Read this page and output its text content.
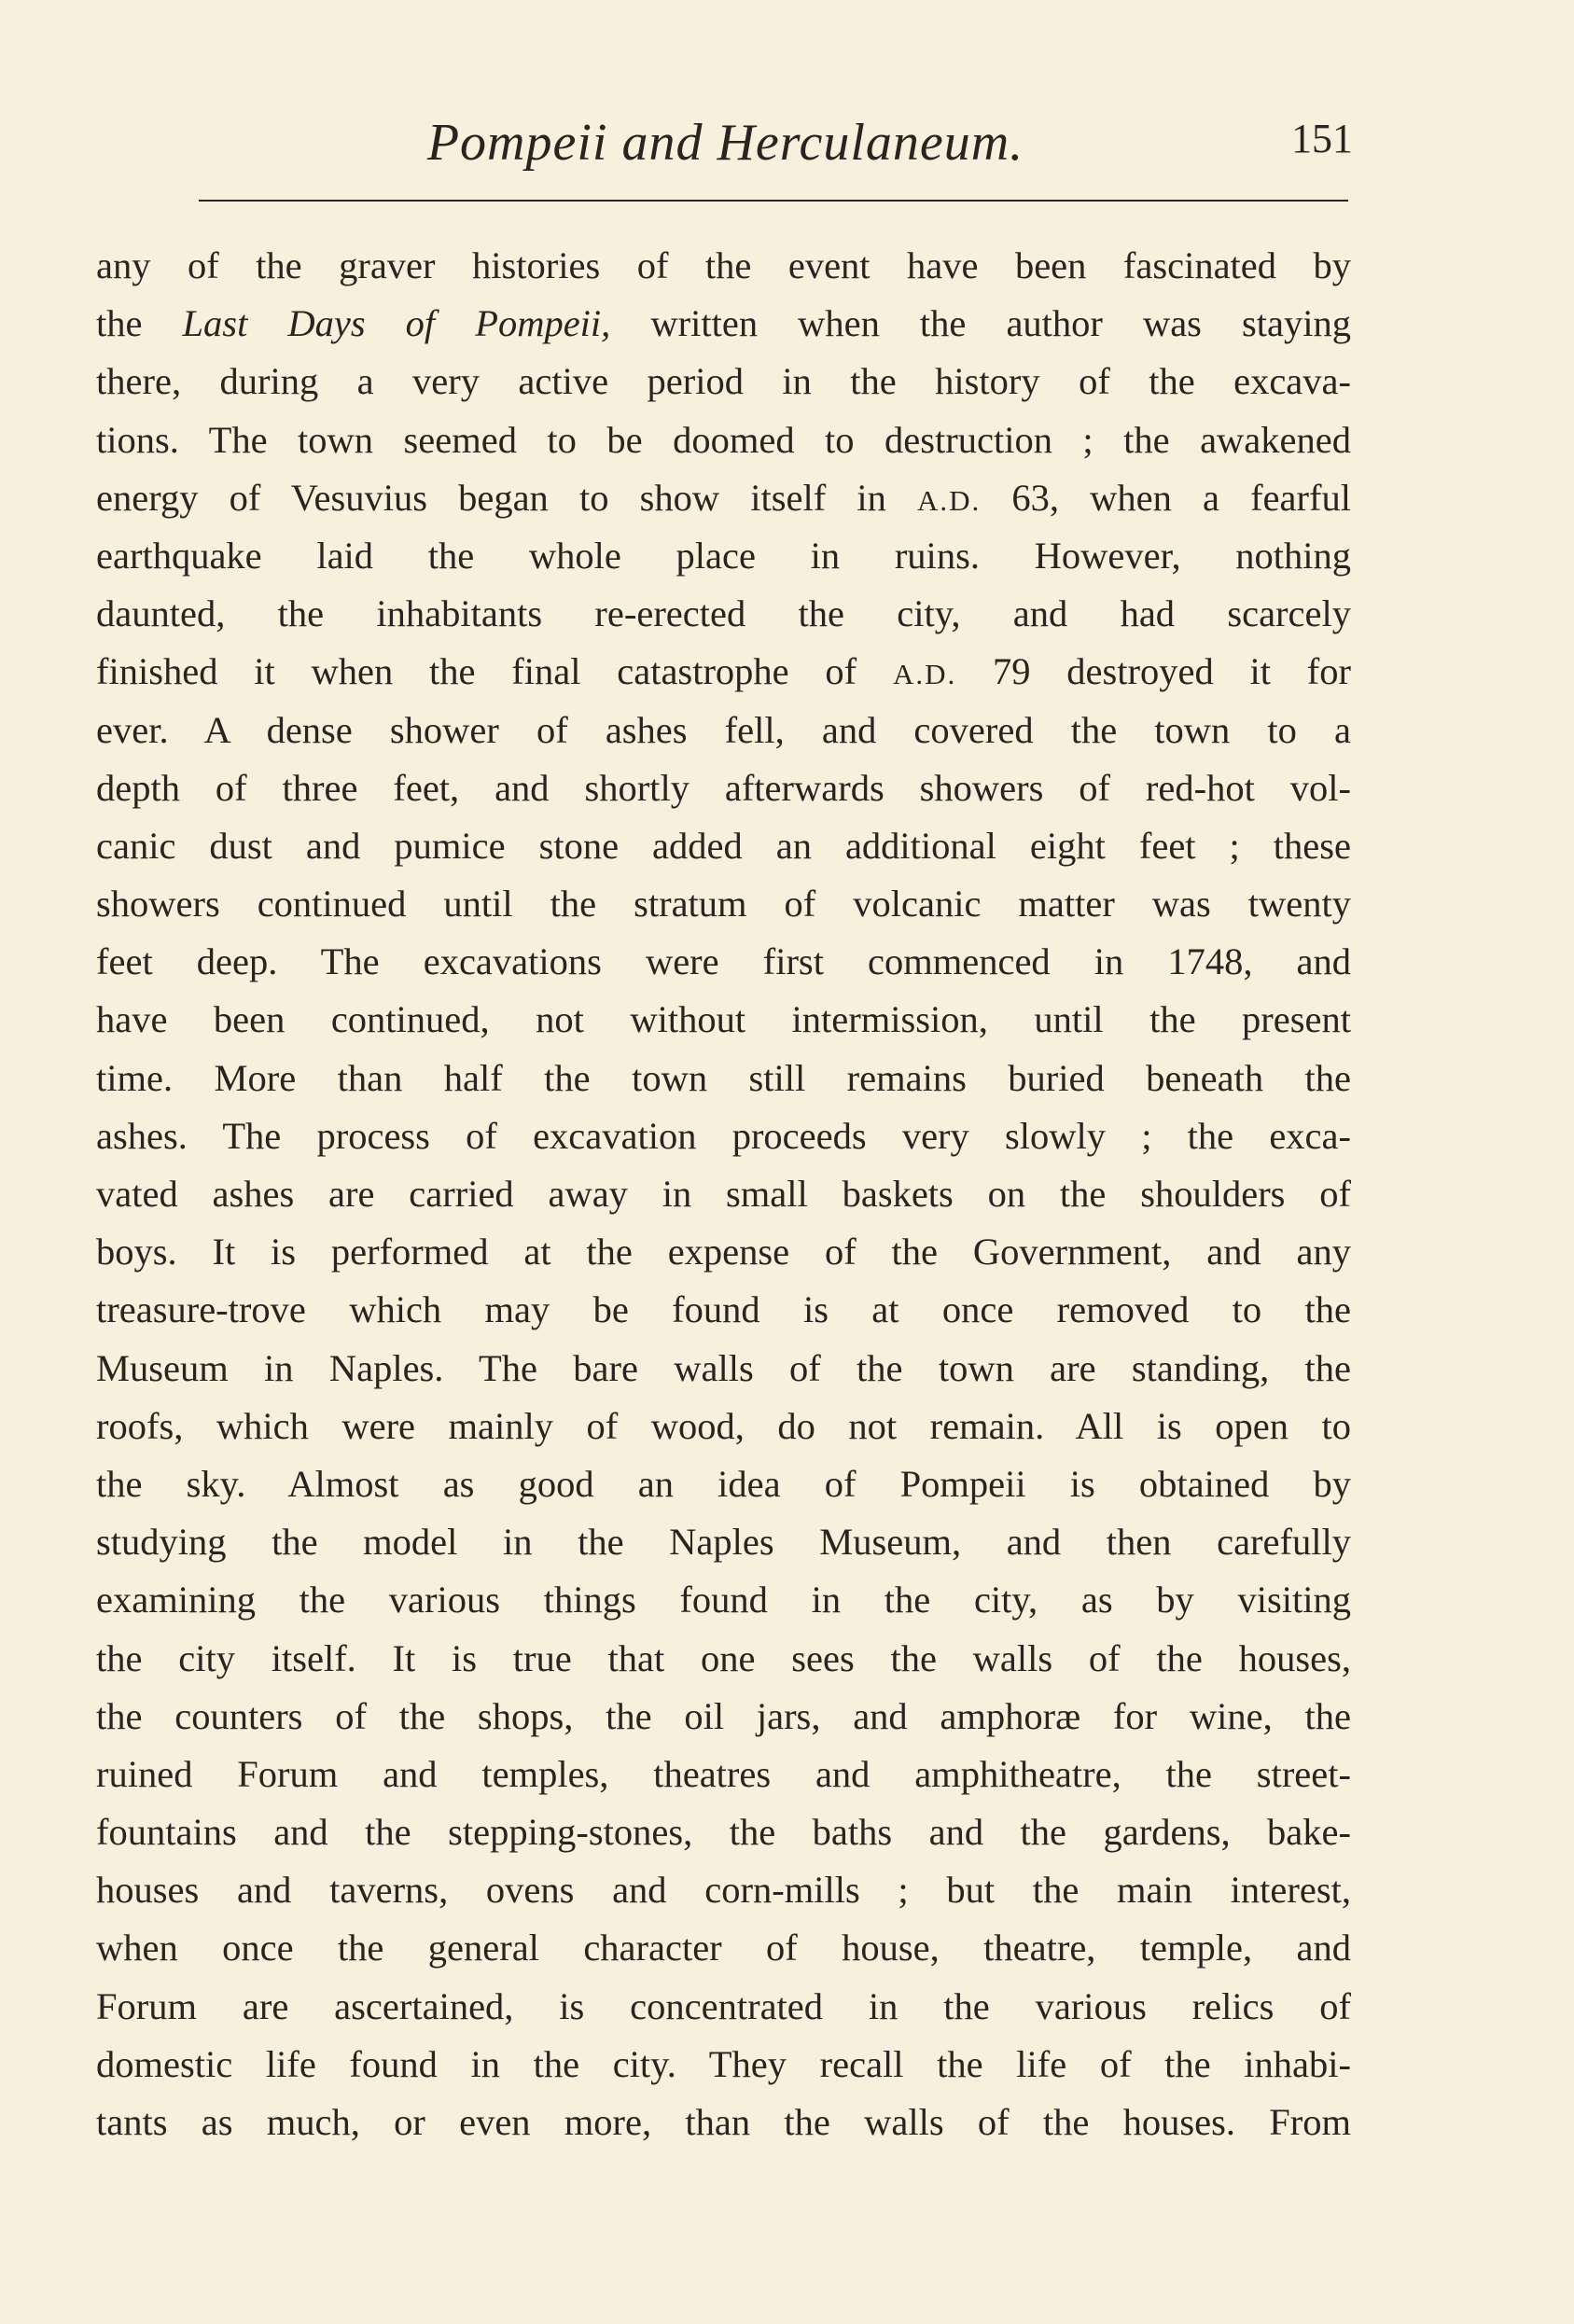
Pompeii and Herculaneum.	151
any of the graver histories of the event have been fascinated by
the Last Days of Pompeii, written when the author was staying
there, during a very active period in the history of the excava-
tions. The town seemed to be doomed to destruction ; the awakened
energy of Vesuvius began to show itself in A.D. 63, when a fearful
earthquake laid the whole place in ruins. However, nothing
daunted, the inhabitants re-erected the city, and had scarcely
finished it when the final catastrophe of A.D. 79 destroyed it for
ever. A dense shower of ashes fell, and covered the town to a
depth of three feet, and shortly afterwards showers of red-hot vol-
canic dust and pumice stone added an additional eight feet ; these
showers continued until the stratum of volcanic matter was twenty
feet deep. The excavations were first commenced in 1748, and
have been continued, not without intermission, until the present
time. More than half the town still remains buried beneath the
ashes. The process of excavation proceeds very slowly ; the exca-
vated ashes are carried away in small baskets on the shoulders of
boys. It is performed at the expense of the Government, and any
treasure-trove which may be found is at once removed to the
Museum in Naples. The bare walls of the town are standing, the
roofs, which were mainly of wood, do not remain. All is open to
the sky. Almost as good an idea of Pompeii is obtained by
studying the model in the Naples Museum, and then carefully
examining the various things found in the city, as by visiting
the city itself. It is true that one sees the walls of the houses,
the counters of the shops, the oil jars, and amphoræ for wine, the
ruined Forum and temples, theatres and amphitheatre, the street-
fountains and the stepping-stones, the baths and the gardens, bake-
houses and taverns, ovens and corn-mills ; but the main interest,
when once the general character of house, theatre, temple, and
Forum are ascertained, is concentrated in the various relics of
domestic life found in the city. They recall the life of the inhabi-
tants as much, or even more, than the walls of the houses. From
